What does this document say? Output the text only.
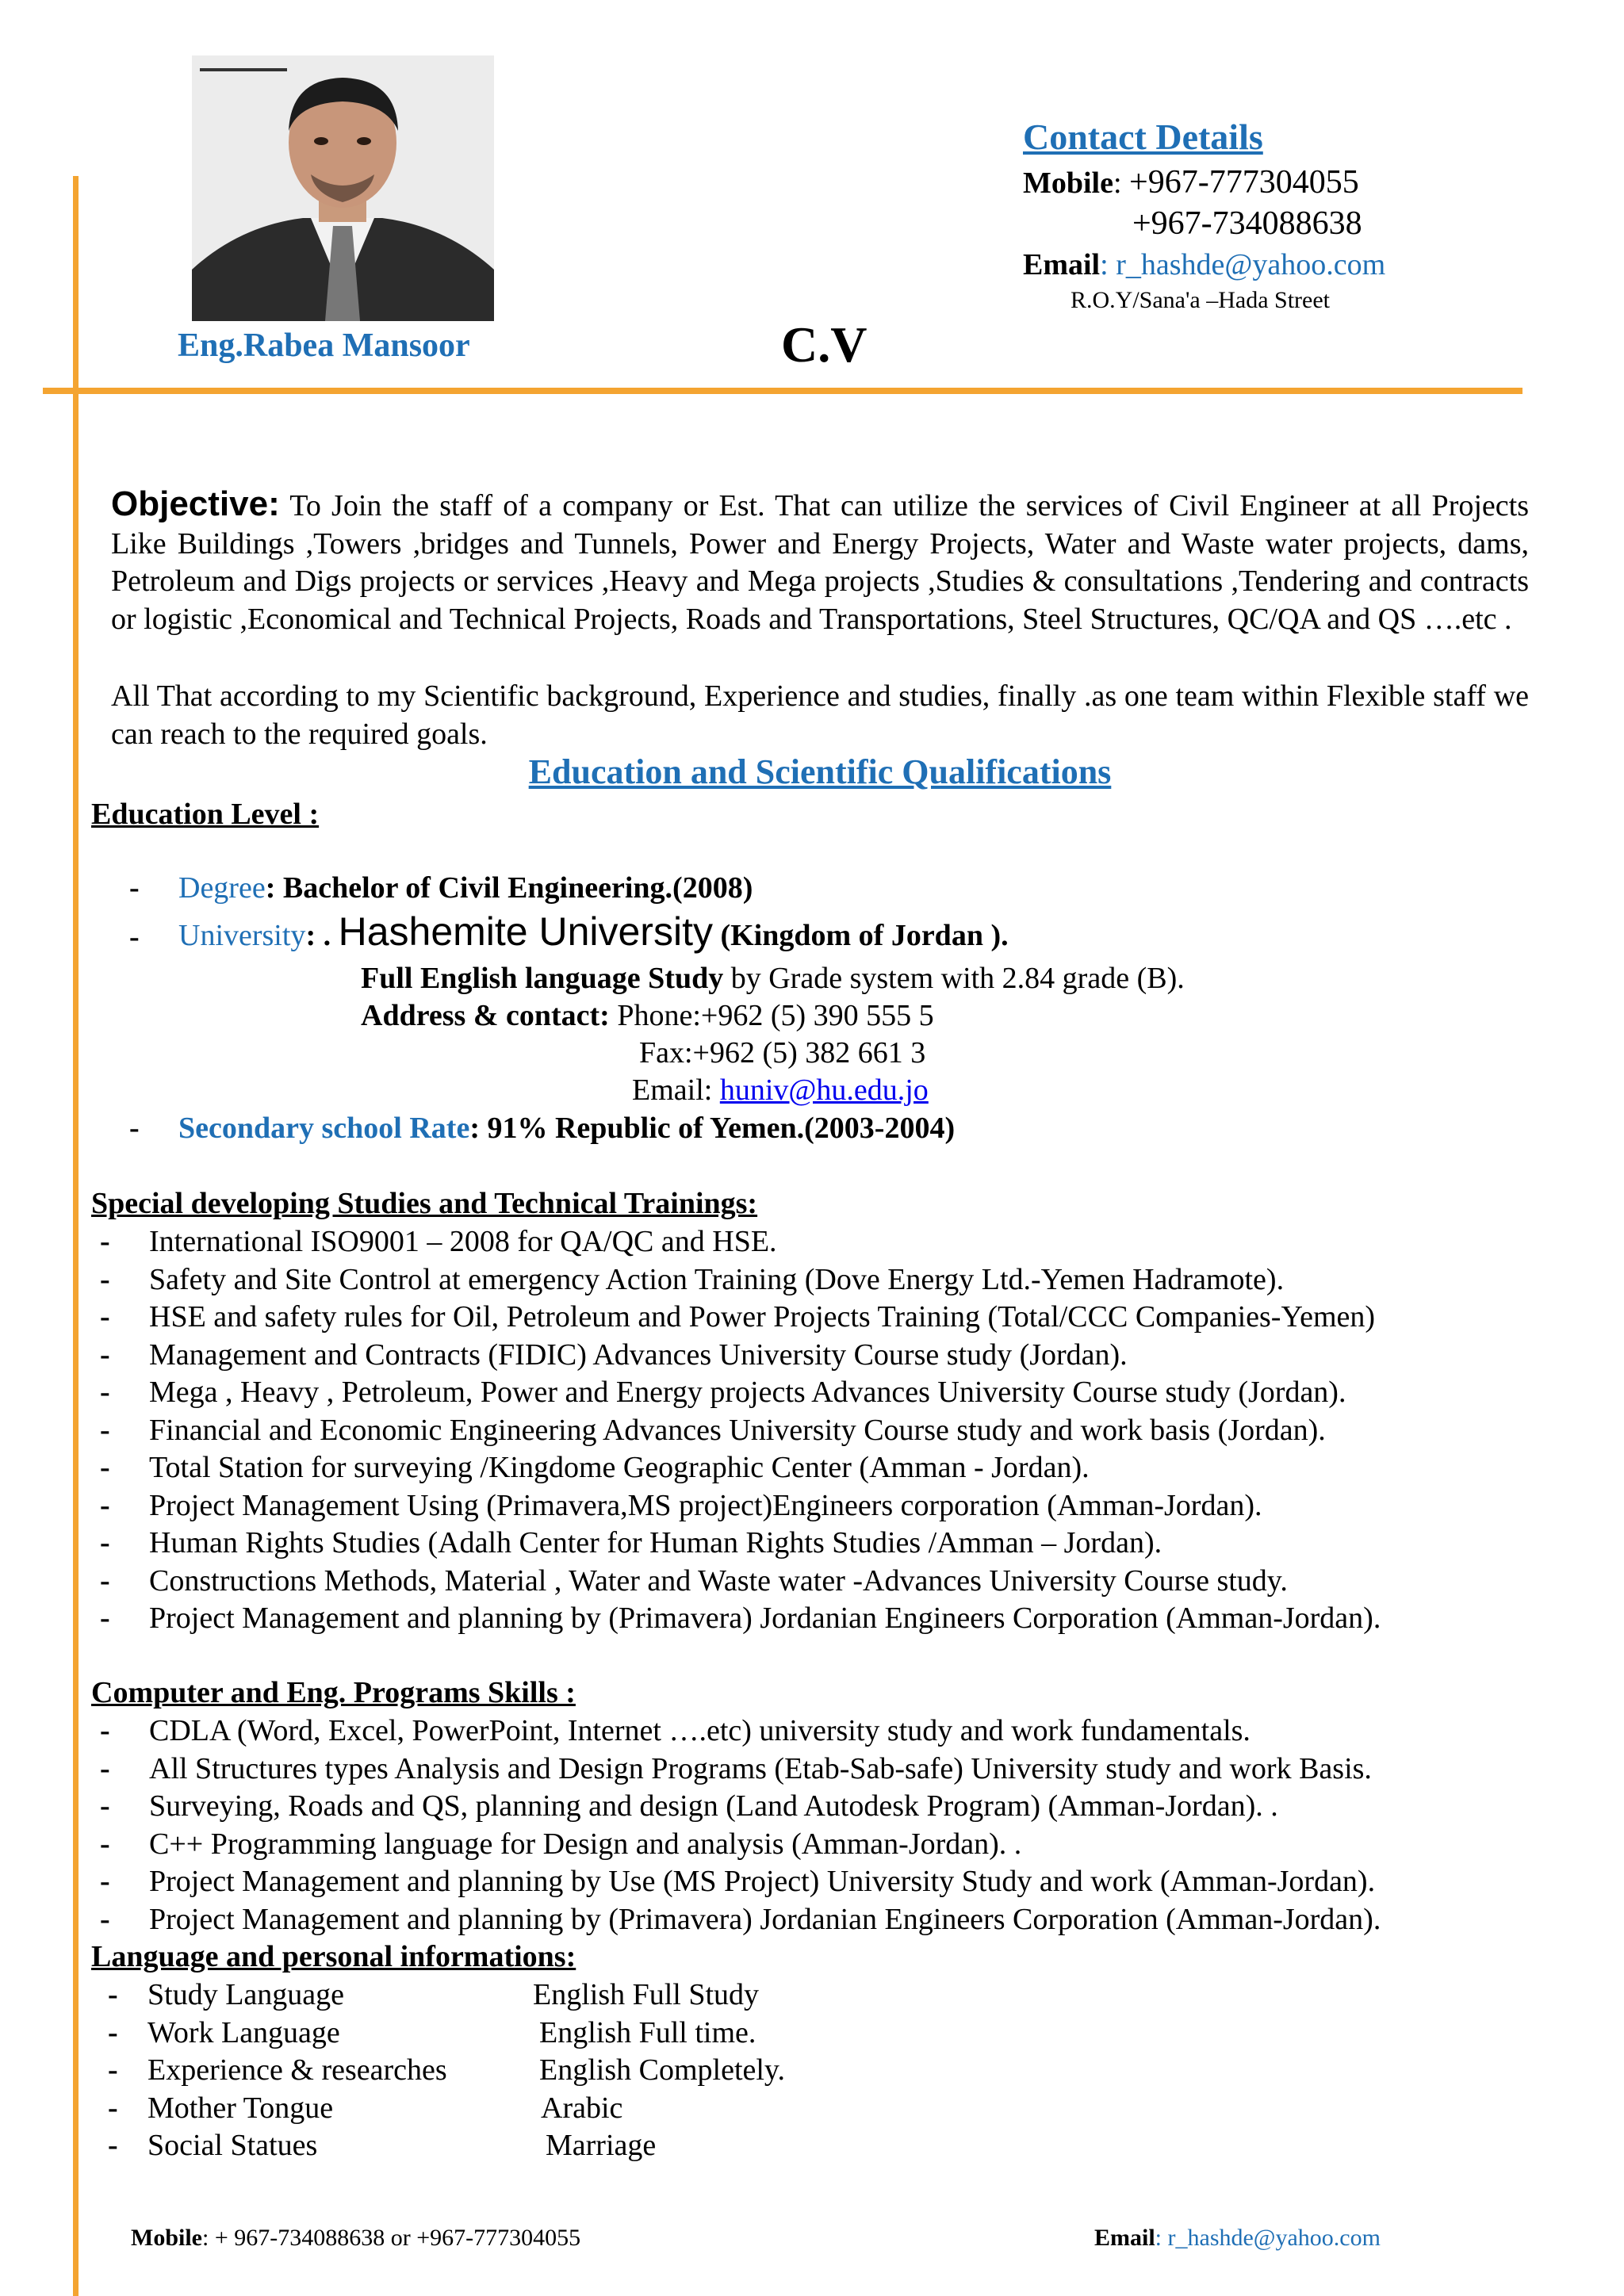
Contact Details
Mobile: +967-777304055
+967-734088638
Email: r_hashde@yahoo.com
R.O.Y/Sana'a –Hada Street
Eng.Rabea Mansoor	C.V
Objective: To Join the staff of a company or Est. That can utilize the services of Civil Engineer at all Projects Like Buildings ,Towers ,bridges and Tunnels, Power and Energy Projects, Water and Waste water projects, dams, Petroleum and Digs projects or services ,Heavy and Mega projects ,Studies & consultations ,Tendering and contracts or logistic ,Economical and Technical Projects, Roads and Transportations, Steel Structures, QC/QA and QS ….etc .
All That according to my Scientific background, Experience and studies, finally .as one team within Flexible staff we can reach to the required goals.
Education and Scientific Qualifications
Education Level :
- Degree: Bachelor of Civil Engineering.(2008)
- University: . Hashemite University (Kingdom of Jordan ).
Full English language Study by Grade system with 2.84 grade (B).
Address & contact: Phone:+962 (5) 390 555 5
Fax:+962 (5) 382 661 3
Email: huniv@hu.edu.jo
- Secondary school Rate: 91% Republic of Yemen.(2003-2004)
Special developing Studies and Technical Trainings:
- International ISO9001 – 2008 for QA/QC and HSE.
- Safety and Site Control at emergency Action Training (Dove Energy Ltd.-Yemen Hadramote).
- HSE and safety rules for Oil, Petroleum and Power Projects Training (Total/CCC Companies-Yemen)
- Management and Contracts (FIDIC) Advances University Course study (Jordan).
- Mega , Heavy , Petroleum, Power and Energy projects Advances University Course study (Jordan).
- Financial and Economic Engineering Advances University Course study and work basis (Jordan).
- Total Station for surveying /Kingdome Geographic Center (Amman - Jordan).
- Project Management Using (Primavera,MS project)Engineers corporation (Amman-Jordan).
- Human Rights Studies (Adalh Center for Human Rights Studies /Amman – Jordan).
- Constructions Methods, Material , Water and Waste water -Advances University Course study.
- Project Management and planning by (Primavera) Jordanian Engineers Corporation (Amman-Jordan).
Computer and Eng. Programs Skills :
- CDLA (Word, Excel, PowerPoint, Internet ….etc) university study and work fundamentals.
- All Structures types Analysis and Design Programs (Etab-Sab-safe) University study and work Basis.
- Surveying, Roads and QS, planning and design (Land Autodesk Program) (Amman-Jordan). .
- C++ Programming language for Design and analysis (Amman-Jordan). .
- Project Management and planning by Use (MS Project) University Study and work (Amman-Jordan).
- Project Management and planning by (Primavera) Jordanian Engineers Corporation (Amman-Jordan).
Language and personal informations:
- Study Language	English Full Study
- Work Language	English Full time.
- Experience & researches	English Completely.
- Mother Tongue	Arabic
- Social Statues	Marriage
Mobile: + 967-734088638 or +967-777304055	Email: r_hashde@yahoo.com
